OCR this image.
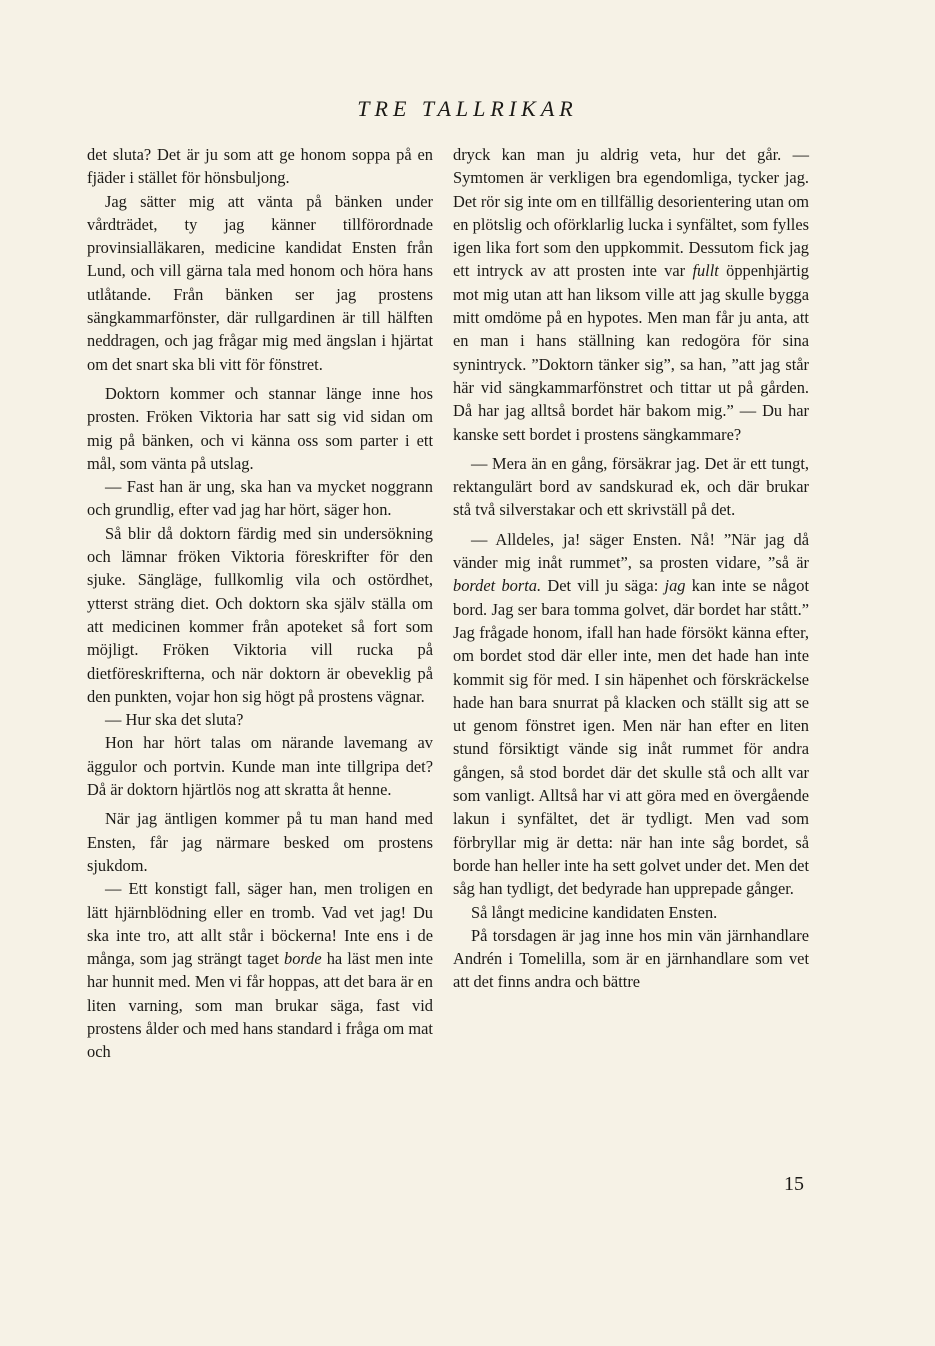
TRE TALLRIKAR

det sluta? Det är ju som att ge honom soppa på en fjäder i stället för hönsbuljong.

Jag sätter mig att vänta på bänken under vårdträdet, ty jag känner tillförordnade provinsialläkaren, medicine kandidat Ensten från Lund, och vill gärna tala med honom och höra hans utlåtande. Från bänken ser jag prostens sängkammarfönster, där rullgardinen är till hälften neddragen, och jag frågar mig med ängslan i hjärtat om det snart ska bli vitt för fönstret.

Doktorn kommer och stannar länge inne hos prosten. Fröken Viktoria har satt sig vid sidan om mig på bänken, och vi känna oss som parter i ett mål, som vänta på utslag.

— Fast han är ung, ska han va mycket noggrann och grundlig, efter vad jag har hört, säger hon.

Så blir då doktorn färdig med sin undersökning och lämnar fröken Viktoria föreskrifter för den sjuke. Sängläge, fullkomlig vila och ostördhet, ytterst sträng diet. Och doktorn ska själv ställa om att medicinen kommer från apoteket så fort som möjligt. Fröken Viktoria vill rucka på dietföreskrifterna, och när doktorn är obeveklig på den punkten, vojar hon sig högt på prostens vägnar.

— Hur ska det sluta?

Hon har hört talas om närande lavemang av äggulor och portvin. Kunde man inte tillgripa det? Då är doktorn hjärtlös nog att skratta åt henne.

När jag äntligen kommer på tu man hand med Ensten, får jag närmare besked om prostens sjukdom.

— Ett konstigt fall, säger han, men troligen en lätt hjärnblödning eller en tromb. Vad vet jag! Du ska inte tro, att allt står i böckerna! Inte ens i de många, som jag strängt taget borde ha läst men inte har hunnit med. Men vi får hoppas, att det bara är en liten varning, som man brukar säga, fast vid prostens ålder och med hans standard i fråga om mat och

dryck kan man ju aldrig veta, hur det går. — Symtomen är verkligen bra egendomliga, tycker jag. Det rör sig inte om en tillfällig desorientering utan om en plötslig och oförklarlig lucka i synfältet, som fylles igen lika fort som den uppkommit. Dessutom fick jag ett intryck av att prosten inte var fullt öppenhjärtig mot mig utan att han liksom ville att jag skulle bygga mitt omdöme på en hypotes. Men man får ju anta, att en man i hans ställning kan redogöra för sina synintryck. ”Doktorn tänker sig”, sa han, ”att jag står här vid sängkammarfönstret och tittar ut på gården. Då har jag alltså bordet här bakom mig.” — Du har kanske sett bordet i prostens sängkammare?

— Mera än en gång, försäkrar jag. Det är ett tungt, rektangulärt bord av sandskurad ek, och där brukar stå två silverstakar och ett skrivställ på det.

— Alldeles, ja! säger Ensten. Nå! ”När jag då vänder mig inåt rummet”, sa prosten vidare, ”så är bordet borta. Det vill ju säga: jag kan inte se något bord. Jag ser bara tomma golvet, där bordet har stått.” Jag frågade honom, ifall han hade försökt känna efter, om bordet stod där eller inte, men det hade han inte kommit sig för med. I sin häpenhet och förskräckelse hade han bara snurrat på klacken och ställt sig att se ut genom fönstret igen. Men när han efter en liten stund försiktigt vände sig inåt rummet för andra gången, så stod bordet där det skulle stå och allt var som vanligt. Alltså har vi att göra med en övergående lakun i synfältet, det är tydligt. Men vad som förbryllar mig är detta: när han inte såg bordet, så borde han heller inte ha sett golvet under det. Men det såg han tydligt, det bedyrade han upprepade gånger.

Så långt medicine kandidaten Ensten.

På torsdagen är jag inne hos min vän järnhandlare Andrén i Tomelilla, som är en järnhandlare som vet att det finns andra och bättre

15
